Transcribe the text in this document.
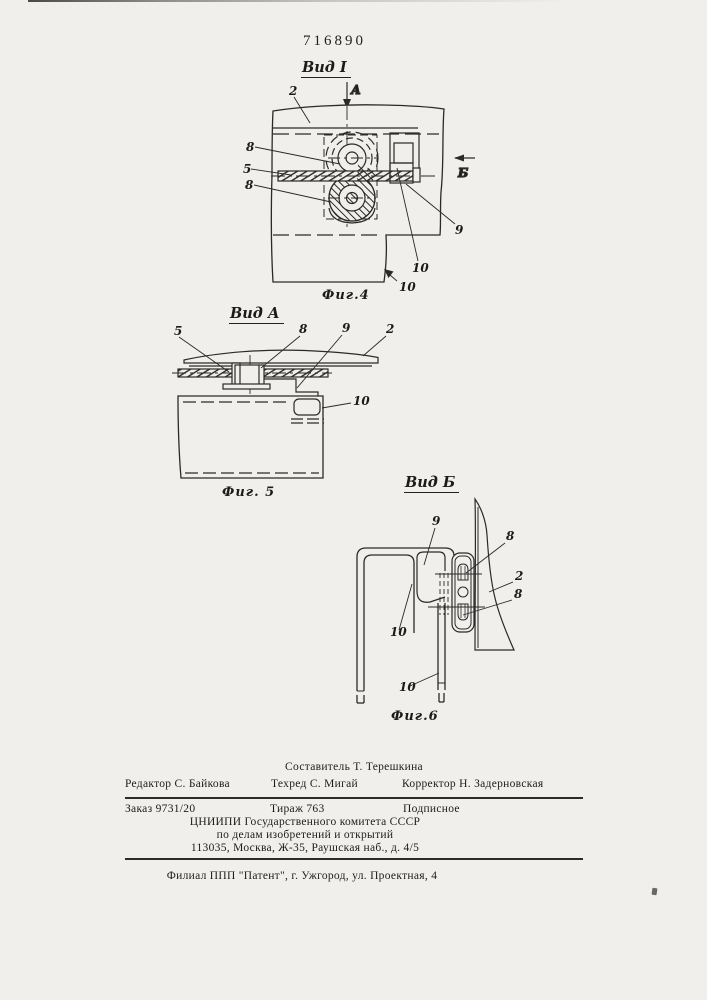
716890
Вид I
А
Б
2
8
5
8
9
10
10
Фиг.4
Вид А
5	8	9	2
10
Фиг. 5
Вид Б
9
8
2
8
10
10
Фиг.6
Составитель Т. Терешкина
Редактор С. Байкова	Техред С. Мигай	Корректор Н. Задерновская
Заказ 9731/20	Тираж 763	Подписное
ЦНИИПИ Государственного комитета СССР
по делам изобретений и открытий
113035, Москва, Ж-35, Раушская наб., д. 4/5
Филиал ППП "Патент", г. Ужгород, ул. Проектная, 4
